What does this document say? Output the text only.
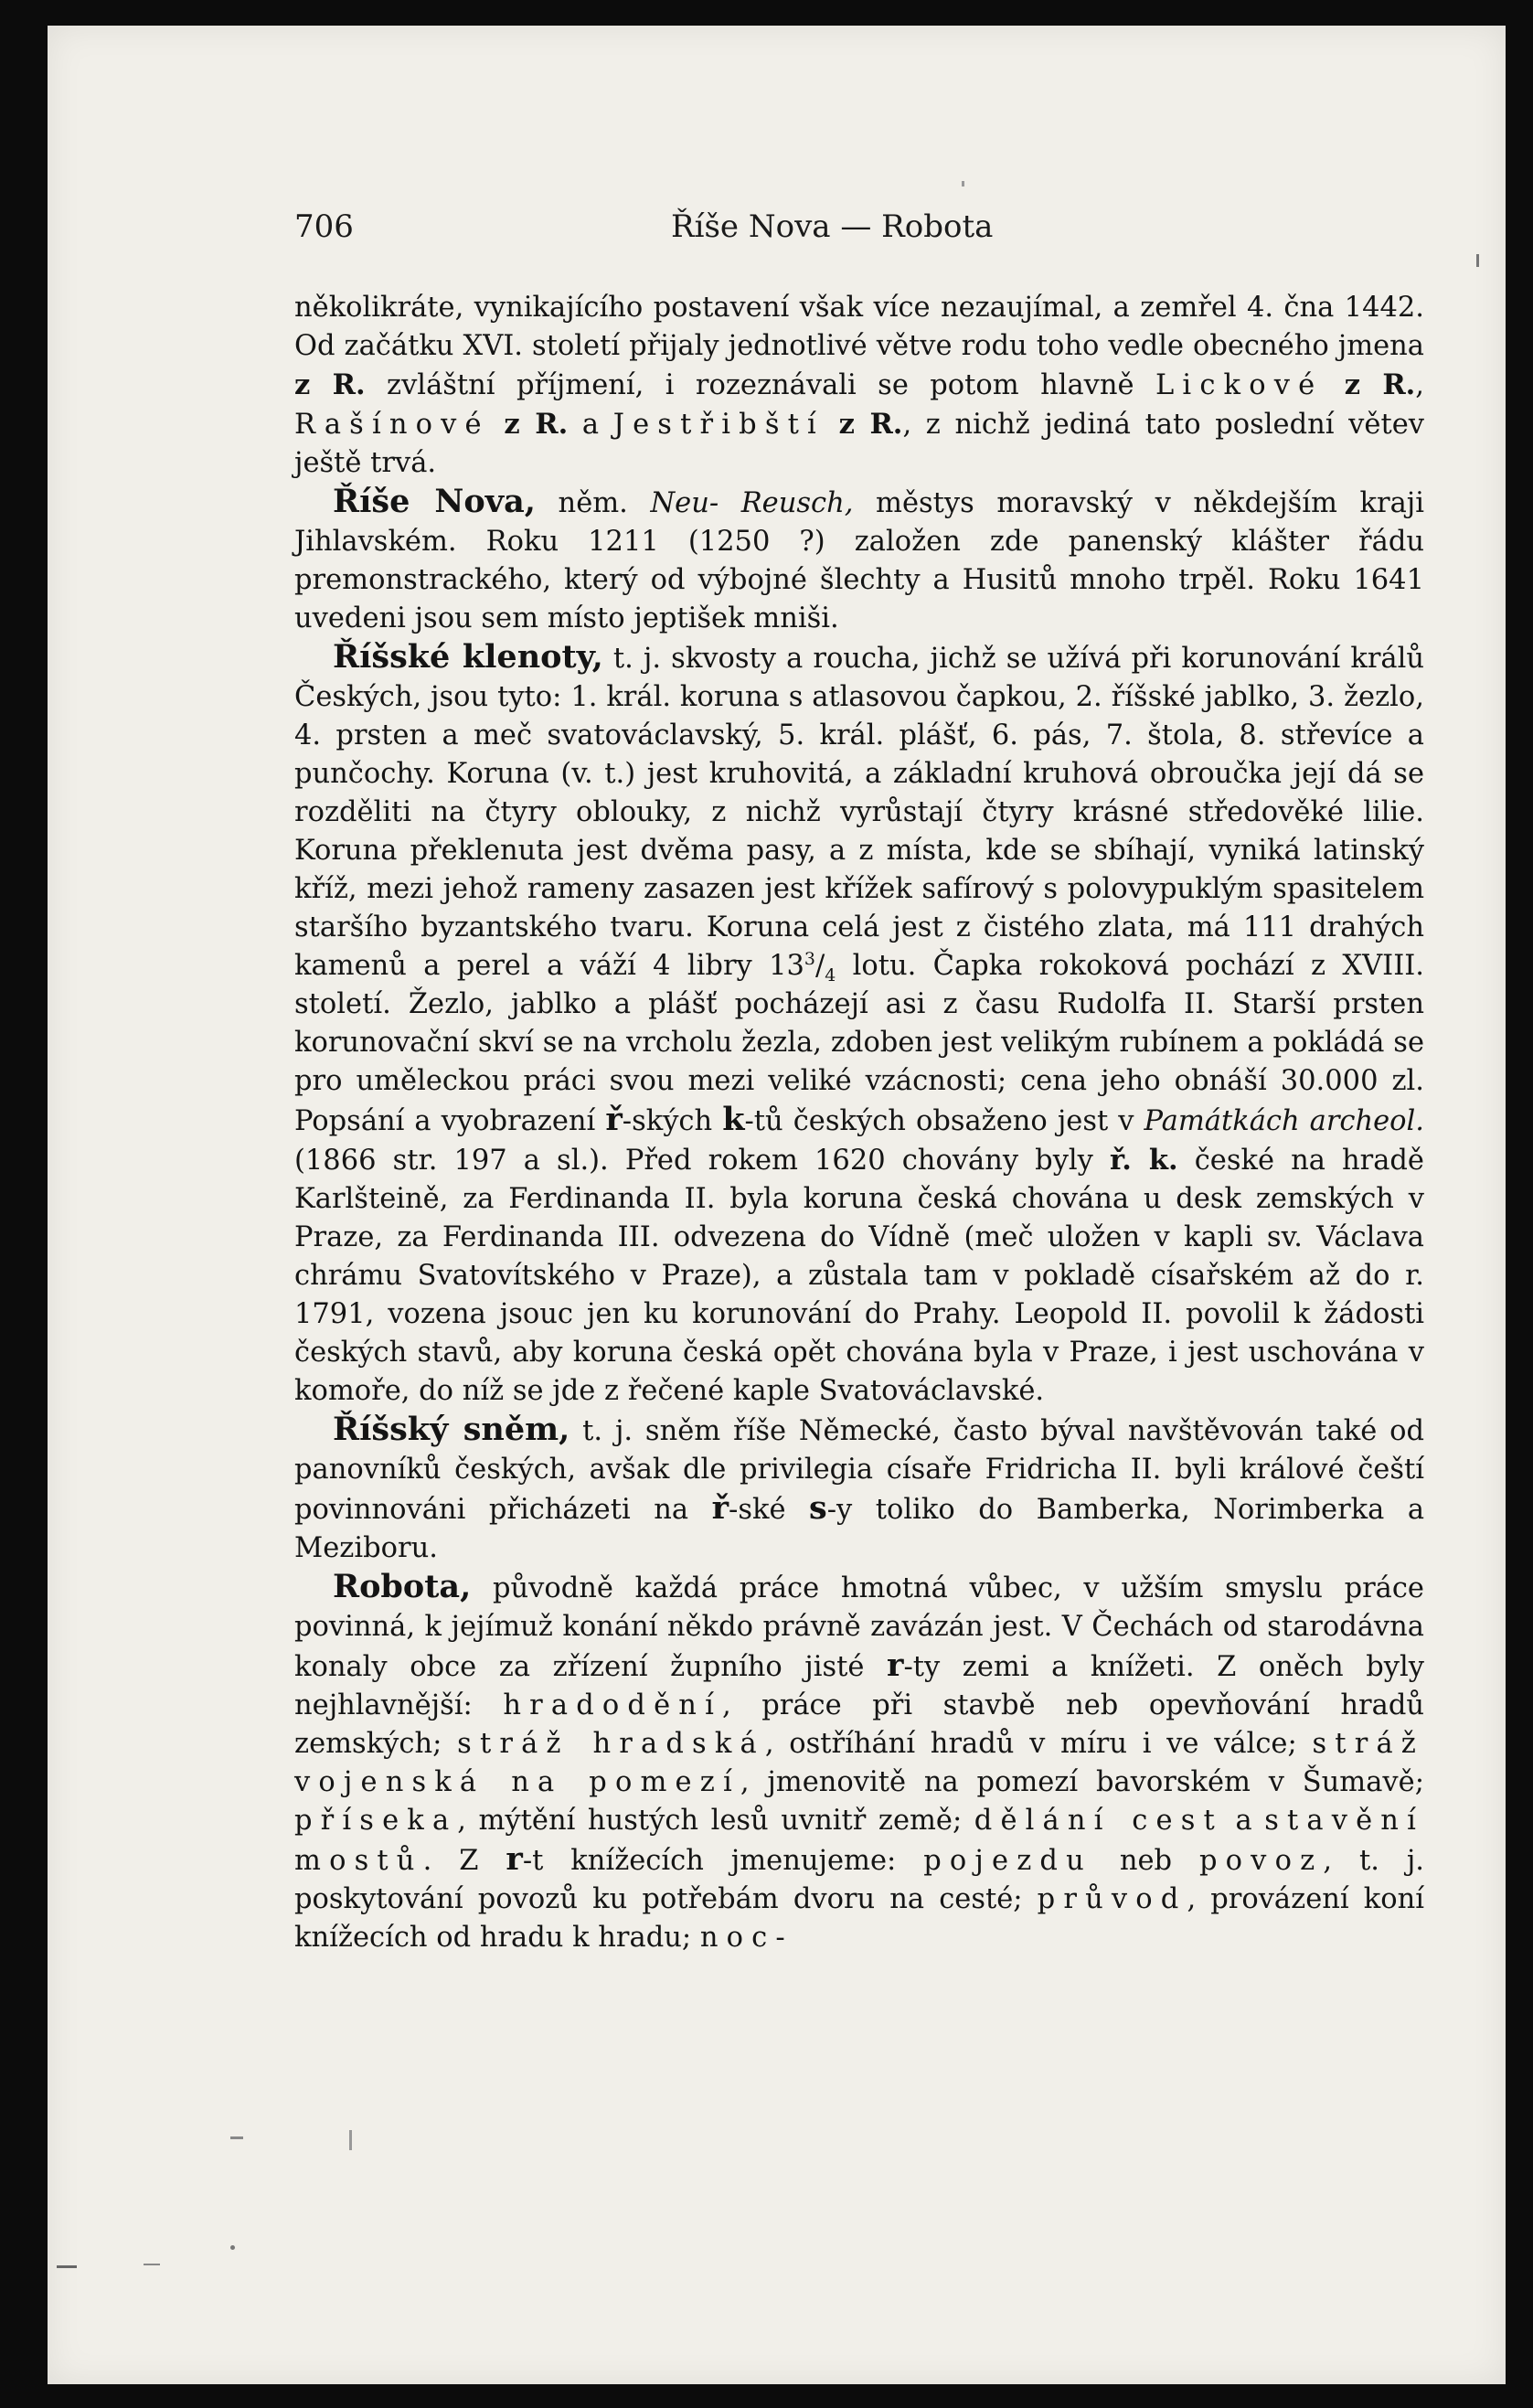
706	Říše Nova — Robota

několikráte, vynikajícího postavení však více nezaujímal, a zemřel 4. čna 1442. Od začátku XVI. století přijaly jednotlivé větve rodu toho vedle obecného jmena z R. zvláštní příjmení, i rozeznávali se potom hlavně Lickové z R., Rašínové z R. a Jestřibští z R., z nichž jediná tato poslední větev ještě trvá.

Říše Nova, něm. Neu- Reusch, městys moravský v někdejším kraji Jihlavském. Roku 1211 (1250 ?) založen zde panenský klášter řádu premonstrackého, který od výbojné šlechty a Husitů mnoho trpěl. Roku 1641 uvedeni jsou sem místo jeptišek mniši.

Říšské klenoty, t. j. skvosty a roucha, jichž se užívá při korunování králů Českých, jsou tyto: 1. král. koruna s atlasovou čapkou, 2. říšské jablko, 3. žezlo, 4. prsten a meč svatováclavský, 5. král. plášť, 6. pás, 7. štola, 8. střevíce a punčochy. Koruna (v. t.) jest kruhovitá, a základní kruhová obroučka její dá se rozděliti na čtyry oblouky, z nichž vyrůstají čtyry krásné středověké lilie. Koruna překlenuta jest dvěma pasy, a z místa, kde se sbíhají, vyniká latinský kříž, mezi jehož rameny zasazen jest křížek safírový s polovypuklým spasitelem staršího byzantského tvaru. Koruna celá jest z čistého zlata, má 111 drahých kamenů a perel a váží 4 libry $13^3/_4$ lotu. Čapka rokoková pochází z XVIII. století. Žezlo, jablko a plášť pocházejí asi z času Rudolfa II. Starší prsten korunovační skví se na vrcholu žezla, zdoben jest velikým rubínem a pokládá se pro uměleckou práci svou mezi veliké vzácnosti; cena jeho obnáší 30.000 zl. Popsání a vyobrazení ř-ských k-tů českých obsaženo jest v Památkách archeol. (1866 str. 197 a sl.). Před rokem 1620 chovány byly ř. k. české na hradě Karlšteině, za Ferdinanda II. byla koruna česká chována u desk zemských v Praze, za Ferdinanda III. odvezena do Vídně (meč uložen v kapli sv. Václava chrámu Svatovítského v Praze), a zůstala tam v pokladě císařském až do r. 1791, vozena jsouc jen ku korunování do Prahy. Leopold II. povolil k žádosti českých stavů, aby koruna česká opět chována byla v Praze, i jest uschována v komoře, do níž se jde z řečené kaple Svatováclavské.

Říšský sněm, t. j. sněm říše Německé, často býval navštěvován také od panovníků českých, avšak dle privilegia císaře Fridricha II. byli králové čeští povinnováni přicházeti na ř-ské s-y toliko do Bamberka, Norimberka a Meziboru.

Robota, původně každá práce hmotná vůbec, v užším smyslu práce povinná, k jejímuž konání někdo právně zavázán jest. V Čechách od starodávna konaly obce za zřízení župního jisté r-ty zemi a knížeti. Z oněch byly nejhlavnější: hradodění, práce při stavbě neb opevňování hradů zemských; stráž hradská, ostříhání hradů v míru i ve válce; stráž vojenská na pomezí, jmenovitě na pomezí bavorském v Šumavě; příseka, mýtění hustých lesů uvnitř země; dělání cest a stavění mostů. Z r-t knížecích jmenujeme: pojezdu neb povoz, t. j. poskytování povozů ku potřebám dvoru na cesté; průvod, provázení koní knížecích od hradu k hradu; noc-
